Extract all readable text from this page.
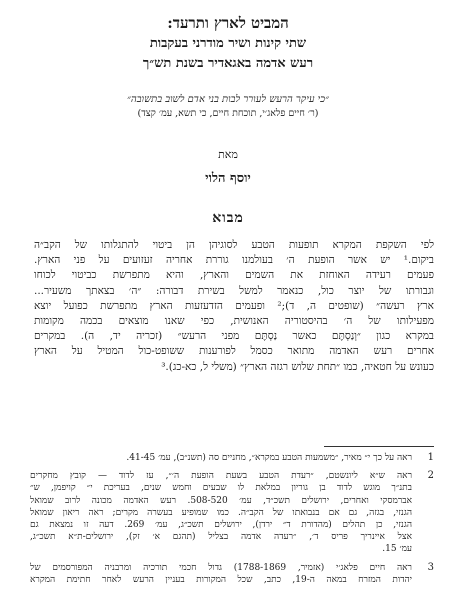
המביט לארץ ותרעד:
שתי קינות ושיר מודרני בעקבות
רעש אדמה באגאדיר בשנת תש״ך
״כי עיקר הרעש לעורר לבות בני אדם לשוב בתשובה״
(ר׳ חיים פלאג׳י, תוכחת חיים, כי תשא, עמ׳ קצד)
מאת
יוסף הלוי
מבוא
לפי השקפת המקרא תופעות הטבע לסוגיהן הן ביטוי להתגלותו של הקב״ה
ביקום.¹ יש אשר הופעת ה׳ בעולמנו גוררת אחריה זעזועים על פני הארץ.
פעמים רעידה האוחזת את השמים והארץ, והיא מתפרשת כביטוי לכוחו
וגבורתו של יוצר כול, כנאמר למשל בשירת דבורה: ״ה׳ בצאתך משעיר...
ארץ רעשה״ (שופטים ה, ד);² ופעמים הזדעזעות הארץ מתפרשת כפועל יוצא
מפעילותו של ה׳ בהיסטוריה האנושית, כפי שאנו מוצאים בכמה מקומות
במקרא כגון ״וְנַסְתֶּם כאשר נַסְתֶּם מפני הרעש״ (זכריה יד, ה). במקרים
אחרים רעש האדמה מתואר כסמל לפורענות ששופט-כול המטיל על הארץ
כעונש על חטאיה, כמו ״תחת שלוש רגזה הארץ״ (משלי ל, כא-כג).³
1
ראה על כך י״ מאיר, ״משמעות הטבע במקרא״, מחניים סה (תשנ״ב), עמ׳ 41-45.
2
ראה ש״א ליונשטם, ״רעדת הטבע בשעת הופעת ה׳״, עז לדוד — קובץ מחקרים
בתנ״ך מוגש לדוד בן גוריון במלאת לו שבעים וחמש שנים, בעריכת י״ קויפמן, ש״
אברמסקי ואחרים, ירושלים תשכ״ד, עמ׳ 508-520. רעש האדמה מכונה לרוב שמואל
הגנזי, בגזה, גם אם בנבואתו של הקב״ה. כמו שמופיע בעשרה מקרים; ראה ריאון שמואל
הגנזי, כן תהלים (מהדורת ד״ ירדן), ירושלים תשכ״ג, עמ׳ 269. דעה זו נמצאת גם
אצל איינריך פריס ד׳, ״רעדה אדמה בצליל (תהגם א׳ זק), ירושלים-ת״א תשכ״ג,
עמ׳ 15.
3
ראה חיים פלאג׳י (אזמיר, 1788-1869) גדול חכמי תורכיה ומרבניה המפורסמים של
יהדות המזרח במאה ה-19, כתב, שכל המקורות בעניין הרעש לאחר חתימת המקרא
